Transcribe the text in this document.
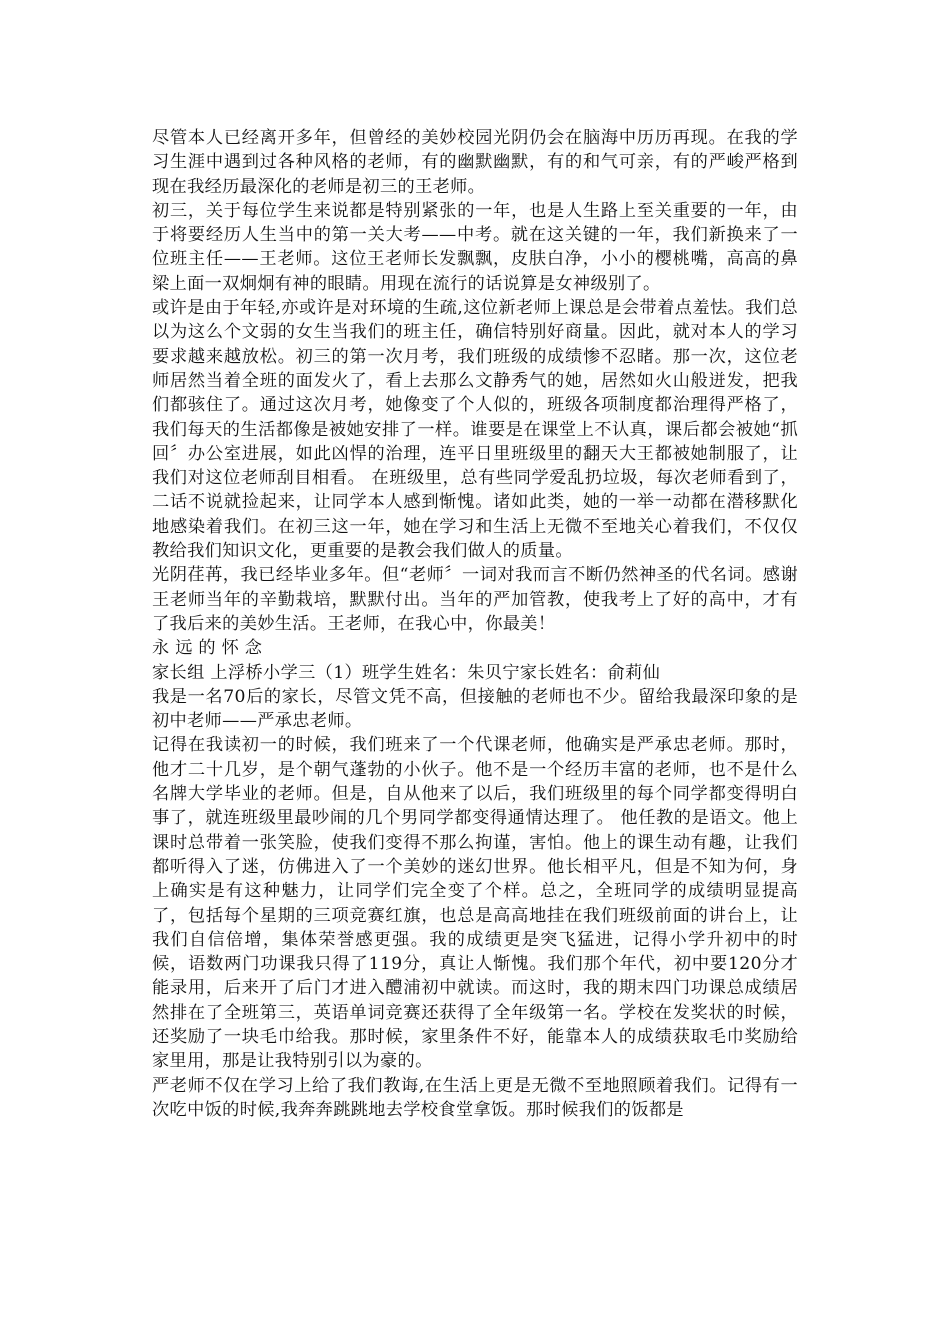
尽管本人已经离开多年，但曾经的美妙校园光阴仍会在脑海中历历再现。在我的学习生涯中遇到过各种风格的老师，有的幽默幽默，有的和气可亲，有的严峻严格到现在我经历最深化的老师是初三的王老师。

初三，关于每位学生来说都是特别紧张的一年，也是人生路上至关重要的一年，由于将要经历人生当中的第一关大考——中考。就在这关键的一年，我们新换来了一位班主任——王老师。这位王老师长发飘飘，皮肤白净，小小的樱桃嘴，高高的鼻梁上面一双炯炯有神的眼睛。用现在流行的话说算是女神级别了。

或许是由于年轻,亦或许是对环境的生疏,这位新老师上课总是会带着点羞怯。我们总以为这么个文弱的女生当我们的班主任，确信特别好商量。因此，就对本人的学习要求越来越放松。初三的第一次月考，我们班级的成绩惨不忍睹。那一次，这位老师居然当着全班的面发火了，看上去那么文静秀气的她，居然如火山般迸发，把我们都骇住了。通过这次月考，她像变了个人似的，班级各项制度都治理得严格了，我们每天的生活都像是被她安排了一样。谁要是在课堂上不认真，课后都会被她“抓回〞办公室进展，如此凶悍的治理，连平日里班级里的翻天大王都被她制服了，让我们对这位老师刮目相看。 在班级里，总有些同学爱乱扔垃圾，每次老师看到了，二话不说就捡起来，让同学本人感到惭愧。诸如此类，她的一举一动都在潜移默化地感染着我们。在初三这一年，她在学习和生活上无微不至地关心着我们，不仅仅教给我们知识文化，更重要的是教会我们做人的质量。

光阴荏苒，我已经毕业多年。但“老师〞一词对我而言不断仍然神圣的代名词。感谢王老师当年的辛勤栽培，默默付出。当年的严加管教，使我考上了好的高中，才有了我后来的美妙生活。王老师，在我心中，你最美！

永远的怀念

家长组 上浮桥小学三（1）班学生姓名：朱贝宁家长姓名：俞莉仙

我是一名70后的家长，尽管文凭不高，但接触的老师也不少。留给我最深印象的是初中老师——严承忠老师。

记得在我读初一的时候，我们班来了一个代课老师，他确实是严承忠老师。那时，他才二十几岁，是个朝气蓬勃的小伙子。他不是一个经历丰富的老师，也不是什么名牌大学毕业的老师。但是，自从他来了以后，我们班级里的每个同学都变得明白事了，就连班级里最吵闹的几个男同学都变得通情达理了。 他任教的是语文。他上课时总带着一张笑脸，使我们变得不那么拘谨，害怕。他上的课生动有趣，让我们都听得入了迷，仿佛进入了一个美妙的迷幻世界。他长相平凡，但是不知为何，身上确实是有这种魅力，让同学们完全变了个样。总之，全班同学的成绩明显提高了，包括每个星期的三项竞赛红旗，也总是高高地挂在我们班级前面的讲台上，让我们自信倍增，集体荣誉感更强。我的成绩更是突飞猛进，记得小学升初中的时候，语数两门功课我只得了119分，真让人惭愧。我们那个年代，初中要120分才能录用，后来开了后门才进入醴浦初中就读。而这时，我的期末四门功课总成绩居然排在了全班第三，英语单词竞赛还获得了全年级第一名。学校在发奖状的时候，还奖励了一块毛巾给我。那时候，家里条件不好，能靠本人的成绩获取毛巾奖励给家里用，那是让我特别引以为豪的。

严老师不仅在学习上给了我们教诲,在生活上更是无微不至地照顾着我们。记得有一次吃中饭的时候,我奔奔跳跳地去学校食堂拿饭。那时候我们的饭都是
